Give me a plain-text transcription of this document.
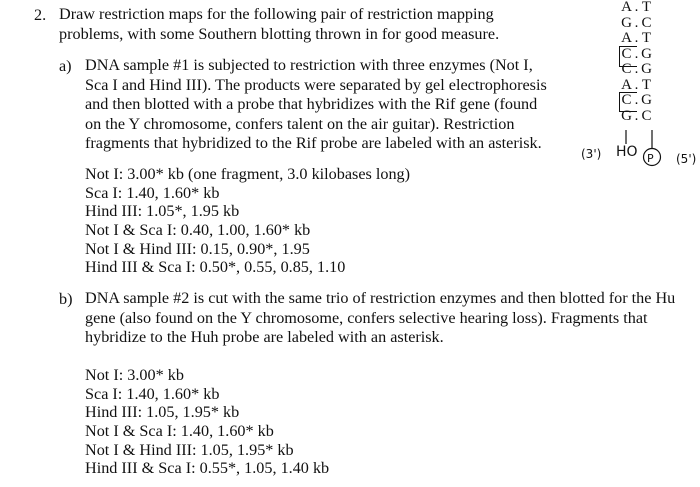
2. Draw restriction maps for the following pair of restriction mapping
problems, with some Southern blotting thrown in for good measure.
a) DNA sample #1 is subjected to restriction with three enzymes (Not I,
Sca I and Hind III). The products were separated by gel electrophoresis
and then blotted with a probe that hybridizes with the Rif gene (found
on the Y chromosome, confers talent on the air guitar). Restriction
fragments that hybridized to the Rif probe are labeled with an asterisk.
Not I: 3.00* kb (one fragment, 3.0 kilobases long)
Sca I: 1.40, 1.60* kb
Hind III: 1.05*, 1.95 kb
Not I & Sca I: 0.40, 1.00, 1.60* kb
Not I & Hind III: 0.15, 0.90*, 1.95
Hind III & Sca I: 0.50*, 0.55, 0.85, 1.10
b) DNA sample #2 is cut with the same trio of restriction enzymes and then blotted for the Hu
gene (also found on the Y chromosome, confers selective hearing loss). Fragments that
hybridize to the Huh probe are labeled with an asterisk.
Not I: 3.00* kb
Sca I: 1.40, 1.60* kb
Hind III: 1.05, 1.95* kb
Not I & Sca I: 1.40, 1.60* kb
Not I & Hind III: 1.05, 1.95* kb
Hind III & Sca I: 0.55*, 1.05, 1.40 kb
A . T
G . C
A . T
C . G
C . G
A . T
C . G
G . C
(3') HO P (5')
